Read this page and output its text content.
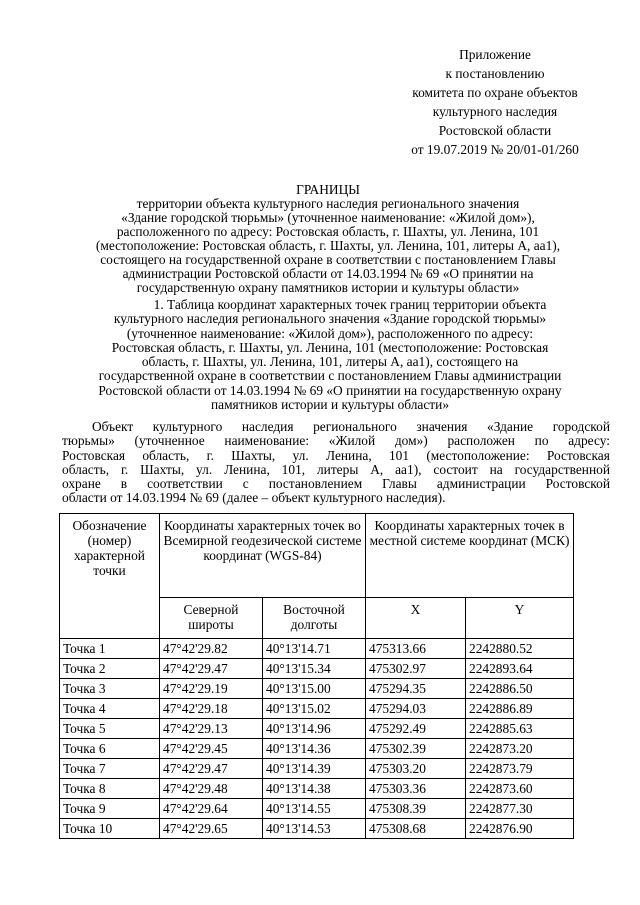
Приложение
к постановлению
комитета по охране объектов
культурного наследия
Ростовской области
от 19.07.2019 № 20/01-01/260
ГРАНИЦЫ
территории объекта культурного наследия регионального значения
«Здание городской тюрьмы» (уточненное наименование: «Жилой дом»),
расположенного по адресу: Ростовская область, г. Шахты, ул. Ленина, 101
(местоположение: Ростовская область, г. Шахты, ул. Ленина, 101, литеры А, аа1),
состоящего на государственной охране в соответствии с постановлением Главы
администрации Ростовской области от 14.03.1994 № 69 «О принятии на
государственную охрану памятников истории и культуры области»
1. Таблица координат характерных точек границ территории объекта
культурного наследия регионального значения «Здание городской тюрьмы»
(уточненное наименование: «Жилой дом»), расположенного по адресу:
Ростовская область, г. Шахты, ул. Ленина, 101 (местоположение: Ростовская
область, г. Шахты, ул. Ленина, 101, литеры А, аа1), состоящего на
государственной охране в соответствии с постановлением Главы администрации
Ростовской области от 14.03.1994 № 69 «О принятии на государственную охрану
памятников истории и культуры области»
Объект культурного наследия регионального значения «Здание городской
тюрьмы» (уточненное наименование: «Жилой дом») расположен по адресу:
Ростовская область, г. Шахты, ул. Ленина, 101 (местоположение: Ростовская
область, г. Шахты, ул. Ленина, 101, литеры А, аа1), состоит на государственной
охране в соответствии с постановлением Главы администрации Ростовской
области от 14.03.1994 № 69 (далее – объект культурного наследия).
Обозначение (номер) характерной точки	Координаты характерных точек во Всемирной геодезической системе координат (WGS-84)		Координаты характерных точек в местной системе координат (МСК)	
	Северной широты	Восточной долготы	X	Y
Точка 1	47°42'29.82	40°13'14.71	475313.66	2242880.52
Точка 2	47°42'29.47	40°13'15.34	475302.97	2242893.64
Точка 3	47°42'29.19	40°13'15.00	475294.35	2242886.50
Точка 4	47°42'29.18	40°13'15.02	475294.03	2242886.89
Точка 5	47°42'29.13	40°13'14.96	475292.49	2242885.63
Точка 6	47°42'29.45	40°13'14.36	475302.39	2242873.20
Точка 7	47°42'29.47	40°13'14.39	475303.20	2242873.79
Точка 8	47°42'29.48	40°13'14.38	475303.36	2242873.60
Точка 9	47°42'29.64	40°13'14.55	475308.39	2242877.30
Точка 10	47°42'29.65	40°13'14.53	475308.68	2242876.90
